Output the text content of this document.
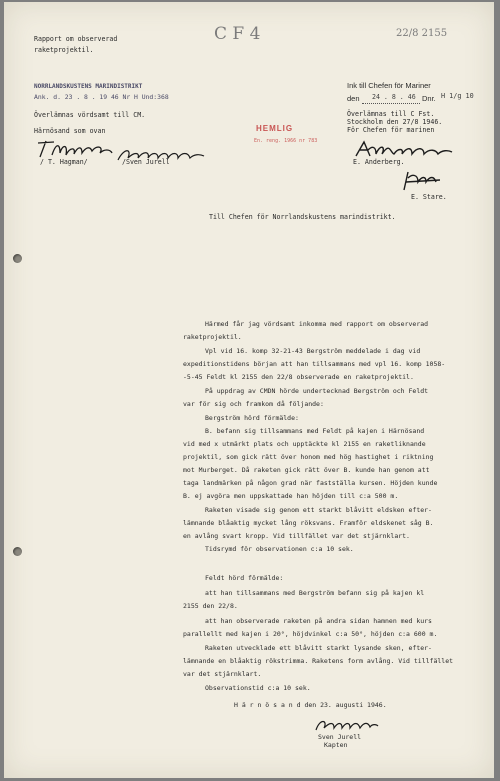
Rapport om observerad
raketprojektil.
C F 4	22/8 2155
NORRLANDSKUSTENS MARINDISTRIKT
Ank. d. 23 . 8 . 19 46 Nr H Und:368
Överlämnas vördsamt till CM.
Härnösand som ovan
/ T. Hagman/	/Sven Jurell
HEMLIG
En. reng. 1966 nr 783
Ink till Chefen för Mariner
den 24 . 8 . 46 Dnr. H 1/g 10
Överlämnas till C Fst.
Stockholm den 27/8 1946.
För Chefen för marinen
E. Anderberg.
E. Stare.
Till Chefen för Norrlandskustens marindistrikt.
Härmed får jag vördsamt inkomma med rapport om observerad
raketprojektil.
Vpl vid 16. komp 32-21-43 Bergström meddelade i dag vid
expeditionstidens början att han tillsammans med vpl 16. komp 1058-
-5-45 Feldt kl 2155 den 22/8 observerade en raketprojektil.
På uppdrag av CMDN hörde undertecknad Bergström och Feldt
var för sig och framkom då följande:
Bergström hörd förmälde:
B. befann sig tillsammans med Feldt på kajen i Härnösand
vid med x utmärkt plats och upptäckte kl 2155 en raketliknande
projektil, som gick rätt över honom med hög hastighet i riktning
mot Murberget. Då raketen gick rätt över B. kunde han genom att
taga landmärken på någon grad när fastställa kursen. Höjden kunde
B. ej avgöra men uppskattade han höjden till c:a 500 m.
Raketen visade sig genom ett starkt blåvitt eldsken efter-
lämnande blåaktig mycket lång röksvans. Framför eldskenet såg B.
en avlång svart kropp. Vid tillfället var det stjärnklart.
Tidsrymd för observationen c:a 10 sek.
Feldt hörd förmälde:
att han tillsammans med Bergström befann sig på kajen kl
2155 den 22/8.
att han observerade raketen på andra sidan hamnen med kurs
parallellt med kajen i 20°, höjdvinkel c:a 50°, höjden c:a 600 m.
Raketen utvecklade ett blåvitt starkt lysande sken, efter-
lämnande en blåaktig rökstrimma. Raketens form avlång. Vid tillfället
var det stjärnklart.
Observationstid c:a 10 sek.
H ä r n ö s a n d den 23. augusti 1946.
Sven Jurell
Kapten
